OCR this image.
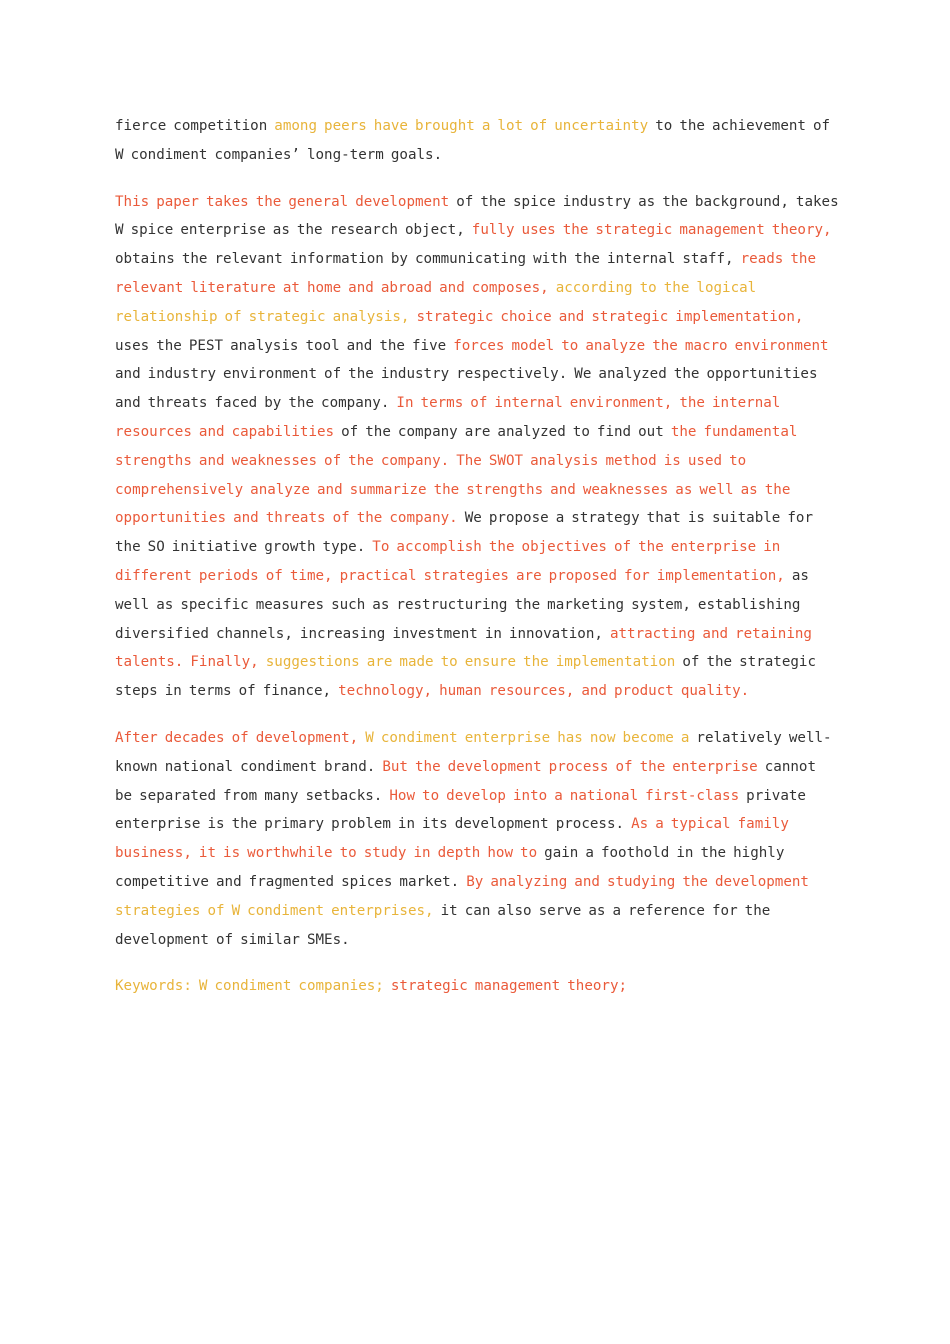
fierce competition among peers have brought a lot of uncertainty to the achievement of W condiment companies’ long-term goals.

This paper takes the general development of the spice industry as the background, takes W spice enterprise as the research object, fully uses the strategic management theory, obtains the relevant information by communicating with the internal staff, reads the relevant literature at home and abroad and composes, according to the logical relationship of strategic analysis, strategic choice and strategic implementation, uses the PEST analysis tool and the five forces model to analyze the macro environment and industry environment of the industry respectively. We analyzed the opportunities and threats faced by the company. In terms of internal environment, the internal resources and capabilities of the company are analyzed to find out the fundamental strengths and weaknesses of the company. The SWOT analysis method is used to comprehensively analyze and summarize the strengths and weaknesses as well as the opportunities and threats of the company. We propose a strategy that is suitable for the SO initiative growth type. To accomplish the objectives of the enterprise in different periods of time, practical strategies are proposed for implementation, as well as specific measures such as restructuring the marketing system, establishing diversified channels, increasing investment in innovation, attracting and retaining talents. Finally, suggestions are made to ensure the implementation of the strategic steps in terms of finance, technology, human resources, and product quality.

After decades of development, W condiment enterprise has now become a relatively well-known national condiment brand. But the development process of the enterprise cannot be separated from many setbacks. How to develop into a national first-class private enterprise is the primary problem in its development process. As a typical family business, it is worthwhile to study in depth how to gain a foothold in the highly competitive and fragmented spices market. By analyzing and studying the development strategies of W condiment enterprises, it can also serve as a reference for the development of similar SMEs.

Keywords: W condiment companies; strategic management theory;
